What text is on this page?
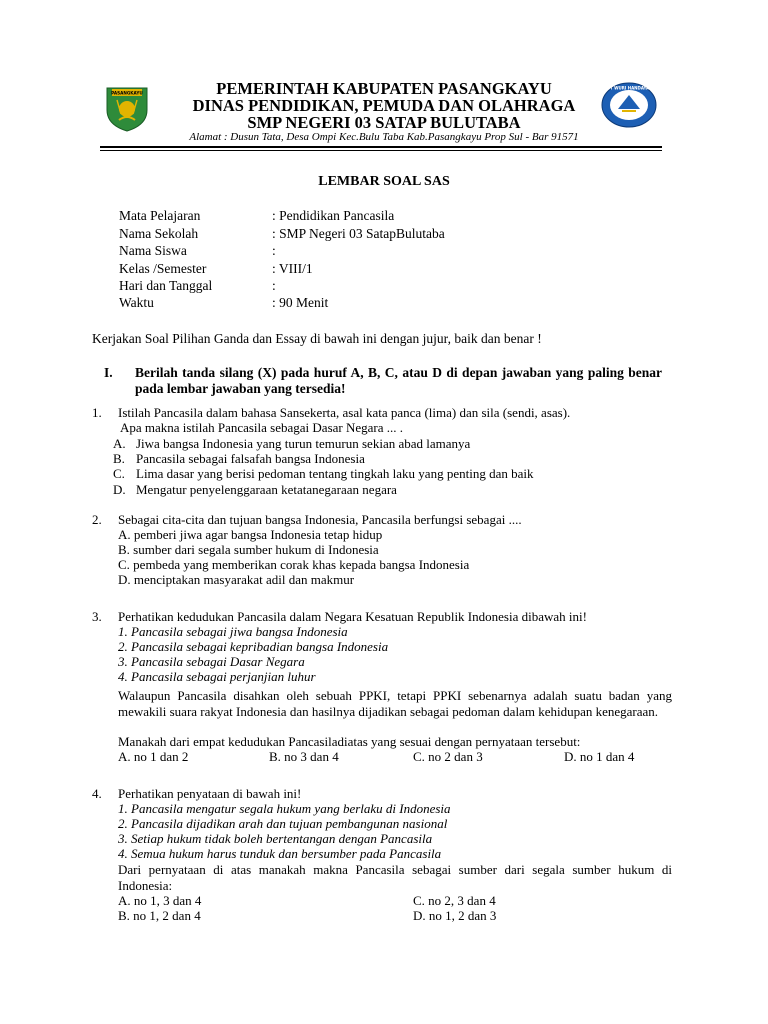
PASANGKAYU
TUT WURI HANDAYANI
PEMERINTAH KABUPATEN PASANGKAYU
DINAS PENDIDIKAN, PEMUDA DAN OLAHRAGA
SMP NEGERI 03 SATAP BULUTABA
Alamat : Dusun Tata, Desa Ompi Kec.Bulu Taba Kab.Pasangkayu Prop Sul - Bar 91571
LEMBAR SOAL SAS
Mata Pelajaran	: Pendidikan Pancasila
Nama Sekolah	: SMP Negeri 03 SatapBulutaba
Nama Siswa	:
Kelas /Semester	: VIII/1
Hari dan Tanggal	:
Waktu	: 90 Menit
Kerjakan Soal Pilihan Ganda dan Essay di bawah ini dengan jujur, baik dan benar !
I. Berilah tanda silang (X) pada huruf A, B, C, atau D di depan jawaban yang paling benar pada lembar jawaban yang tersedia!
1. Istilah Pancasila dalam bahasa Sansekerta, asal kata panca (lima) dan sila (sendi, asas).
Apa makna istilah Pancasila sebagai Dasar Negara ... .
A. Jiwa bangsa Indonesia yang turun temurun sekian abad lamanya
B. Pancasila sebagai falsafah bangsa Indonesia
C. Lima dasar yang berisi pedoman tentang tingkah laku yang penting dan baik
D. Mengatur penyelenggaraan ketatanegaraan negara
2. Sebagai cita-cita dan tujuan bangsa Indonesia, Pancasila berfungsi sebagai ....
A. pemberi jiwa agar bangsa Indonesia tetap hidup
B. sumber dari segala sumber hukum di Indonesia
C. pembeda yang memberikan corak khas kepada bangsa Indonesia
D. menciptakan masyarakat adil dan makmur
3. Perhatikan kedudukan Pancasila dalam Negara Kesatuan Republik Indonesia dibawah ini!
1. Pancasila sebagai jiwa bangsa Indonesia
2. Pancasila sebagai kepribadian bangsa Indonesia
3. Pancasila sebagai Dasar Negara
4. Pancasila sebagai perjanjian luhur
Walaupun Pancasila disahkan oleh sebuah PPKI, tetapi PPKI sebenarnya adalah suatu badan yang mewakili suara rakyat Indonesia dan hasilnya dijadikan sebagai pedoman dalam kehidupan kenegaraan.
Manakah dari empat kedudukan Pancasiladiatas yang sesuai dengan pernyataan tersebut:
A. no 1 dan 2	B. no 3 dan 4	C. no 2 dan 3	D. no 1 dan 4
4. Perhatikan penyataan di bawah ini!
1. Pancasila mengatur segala hukum yang berlaku di Indonesia
2. Pancasila dijadikan arah dan tujuan pembangunan nasional
3. Setiap hukum tidak boleh bertentangan dengan Pancasila
4. Semua hukum harus tunduk dan bersumber pada Pancasila
Dari pernyataan di atas manakah makna Pancasila sebagai sumber dari segala sumber hukum di Indonesia:
A. no 1, 3 dan 4	C. no 2, 3 dan 4
B. no 1, 2 dan 4	D. no 1, 2 dan 3
